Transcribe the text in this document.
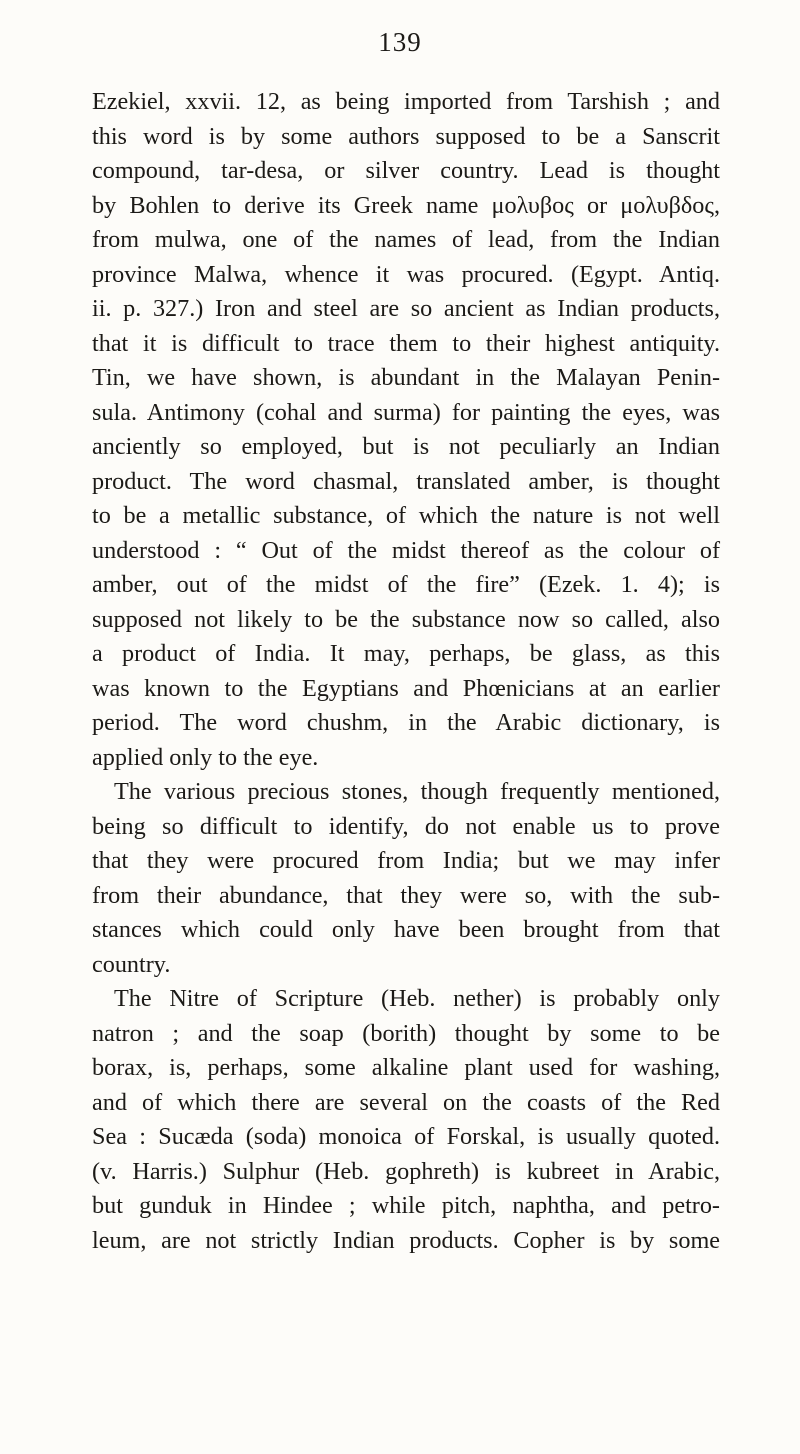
139
Ezekiel, xxvii. 12, as being imported from Tarshish ; and
this word is by some authors supposed to be a Sanscrit
compound, tar-desa, or silver country. Lead is thought
by Bohlen to derive its Greek name μολυβος or μολυβδος,
from mulwa, one of the names of lead, from the Indian
province Malwa, whence it was procured. (Egypt. Antiq.
ii. p. 327.) Iron and steel are so ancient as Indian products,
that it is difficult to trace them to their highest antiquity.
Tin, we have shown, is abundant in the Malayan Penin-
sula. Antimony (cohal and surma) for painting the eyes, was
anciently so employed, but is not peculiarly an Indian
product. The word chasmal, translated amber, is thought
to be a metallic substance, of which the nature is not well
understood : “ Out of the midst thereof as the colour of
amber, out of the midst of the fire” (Ezek. 1. 4); is
supposed not likely to be the substance now so called, also
a product of India. It may, perhaps, be glass, as this
was known to the Egyptians and Phœnicians at an earlier
period. The word chushm, in the Arabic dictionary, is
applied only to the eye.
The various precious stones, though frequently mentioned,
being so difficult to identify, do not enable us to prove
that they were procured from India; but we may infer
from their abundance, that they were so, with the sub-
stances which could only have been brought from that
country.
The Nitre of Scripture (Heb. nether) is probably only
natron ; and the soap (borith) thought by some to be
borax, is, perhaps, some alkaline plant used for washing,
and of which there are several on the coasts of the Red
Sea : Sucæda (soda) monoica of Forskal, is usually quoted.
(v. Harris.) Sulphur (Heb. gophreth) is kubreet in Arabic,
but gunduk in Hindee ; while pitch, naphtha, and petro-
leum, are not strictly Indian products. Copher is by some
